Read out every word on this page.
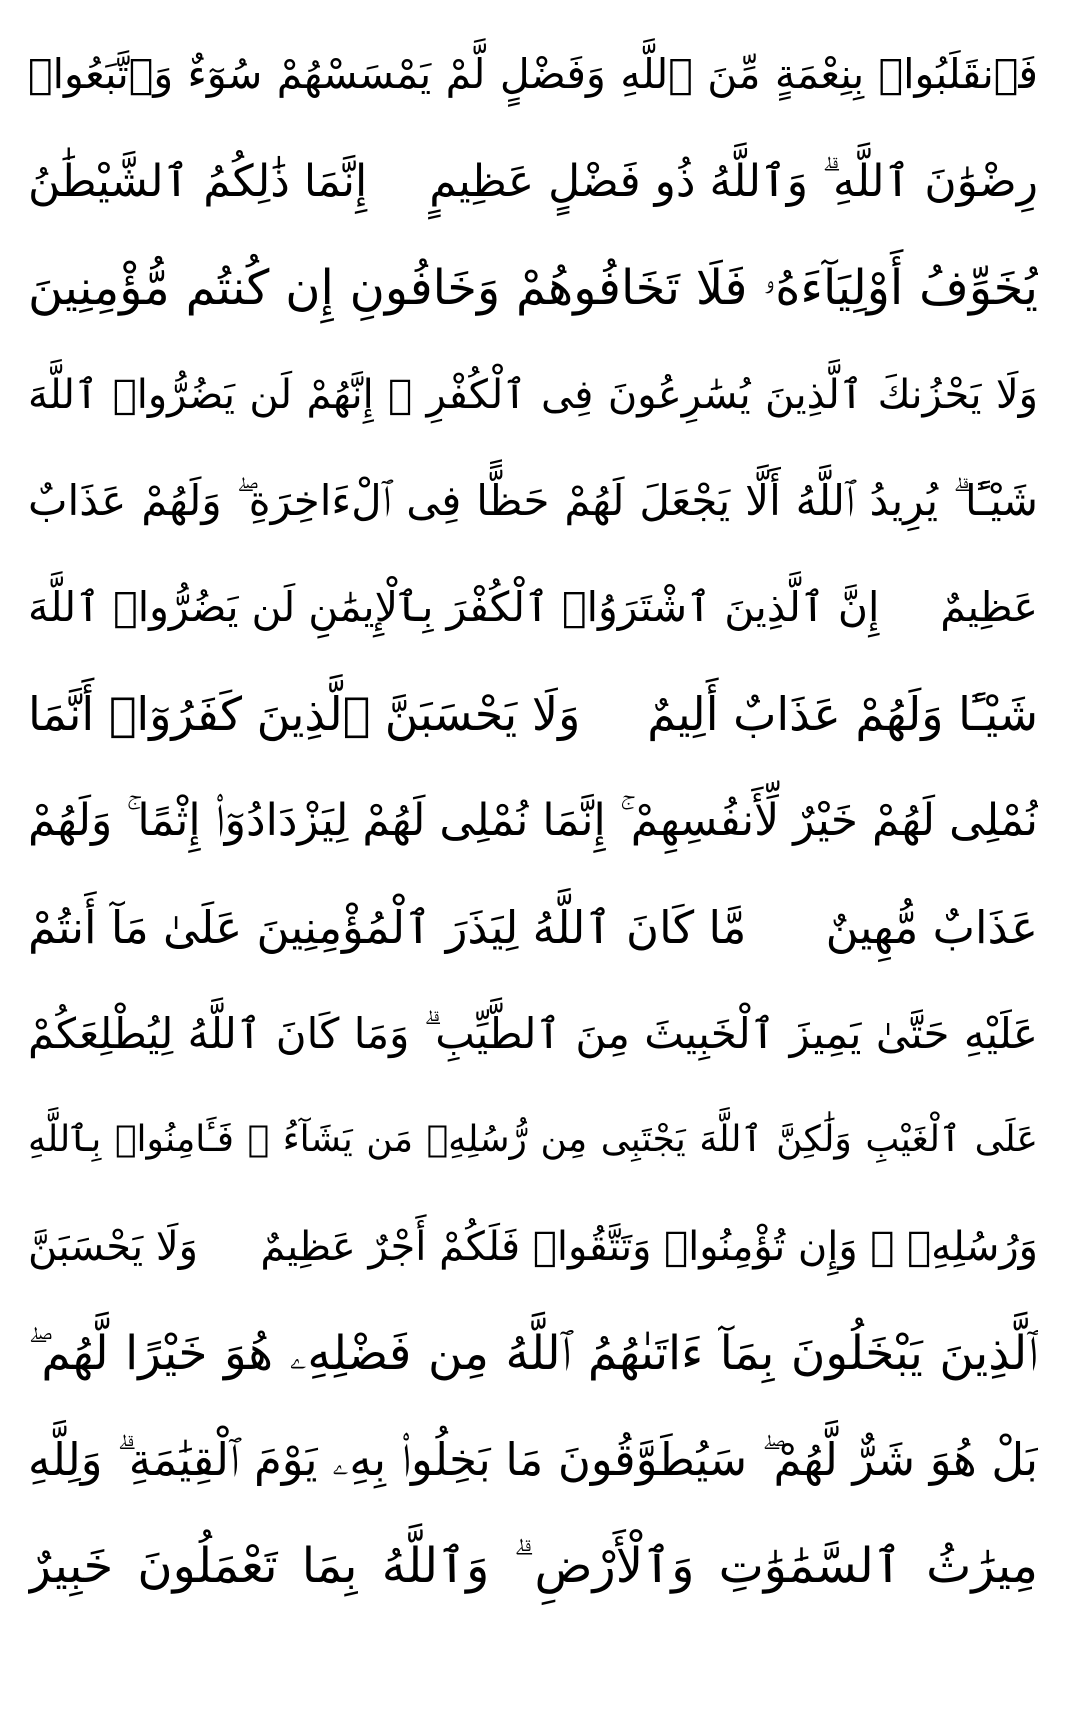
فَٱنقَلَبُوا۟ بِنِعْمَةٍ مِّنَ ٱللَّهِ وَفَضْلٍ لَّمْ يَمْسَسْهُمْ سُوٓءٌ وَٱتَّبَعُوا۟
رِضْوَٰنَ ٱللَّهِ ۗ وَٱللَّهُ ذُو فَضْلٍ عَظِيمٍ
إِنَّمَا ذَٰلِكُمُ ٱلشَّيْطَٰنُ
يُخَوِّفُ أَوْلِيَآءَهُۥ فَلَا تَخَافُوهُمْ وَخَافُونِ إِن كُنتُم مُّؤْمِنِينَ
وَلَا يَحْزُنكَ ٱلَّذِينَ يُسَٰرِعُونَ فِى ٱلْكُفْرِ ۚ إِنَّهُمْ لَن يَضُرُّوا۟ ٱللَّهَ
شَيْـًٔا ۗ يُرِيدُ ٱللَّهُ أَلَّا يَجْعَلَ لَهُمْ حَظًّا فِى ٱلْءَاخِرَةِ ۖ وَلَهُمْ عَذَابٌ
عَظِيمٌ
إِنَّ ٱلَّذِينَ ٱشْتَرَوُا۟ ٱلْكُفْرَ بِٱلْإِيمَٰنِ لَن يَضُرُّوا۟ ٱللَّهَ
شَيْـًٔا وَلَهُمْ عَذَابٌ أَلِيمٌ
وَلَا يَحْسَبَنَّ ٱلَّذِينَ كَفَرُوٓا۟ أَنَّمَا
نُمْلِى لَهُمْ خَيْرٌ لِّأَنفُسِهِمْ ۚ إِنَّمَا نُمْلِى لَهُمْ لِيَزْدَادُوٓا۟ إِثْمًا ۚ وَلَهُمْ
عَذَابٌ مُّهِينٌ
مَّا كَانَ ٱللَّهُ لِيَذَرَ ٱلْمُؤْمِنِينَ عَلَىٰ مَآ أَنتُمْ
عَلَيْهِ حَتَّىٰ يَمِيزَ ٱلْخَبِيثَ مِنَ ٱلطَّيِّبِ ۗ وَمَا كَانَ ٱللَّهُ لِيُطْلِعَكُمْ
عَلَى ٱلْغَيْبِ وَلَٰكِنَّ ٱللَّهَ يَجْتَبِى مِن رُّسُلِهِۦ مَن يَشَآءُ ۖ فَـَٔامِنُوا۟ بِٱللَّهِ
وَرُسُلِهِۦ ۚ وَإِن تُؤْمِنُوا۟ وَتَتَّقُوا۟ فَلَكُمْ أَجْرٌ عَظِيمٌ
وَلَا يَحْسَبَنَّ
ٱلَّذِينَ يَبْخَلُونَ بِمَآ ءَاتَىٰهُمُ ٱللَّهُ مِن فَضْلِهِۦ هُوَ خَيْرًا لَّهُم ۖ
بَلْ هُوَ شَرٌّ لَّهُمْ ۖ سَيُطَوَّقُونَ مَا بَخِلُوا۟ بِهِۦ يَوْمَ ٱلْقِيَٰمَةِ ۗ وَلِلَّهِ
مِيرَٰثُ ٱلسَّمَٰوَٰتِ وَٱلْأَرْضِ ۗ وَٱللَّهُ بِمَا تَعْمَلُونَ خَبِيرٌ
